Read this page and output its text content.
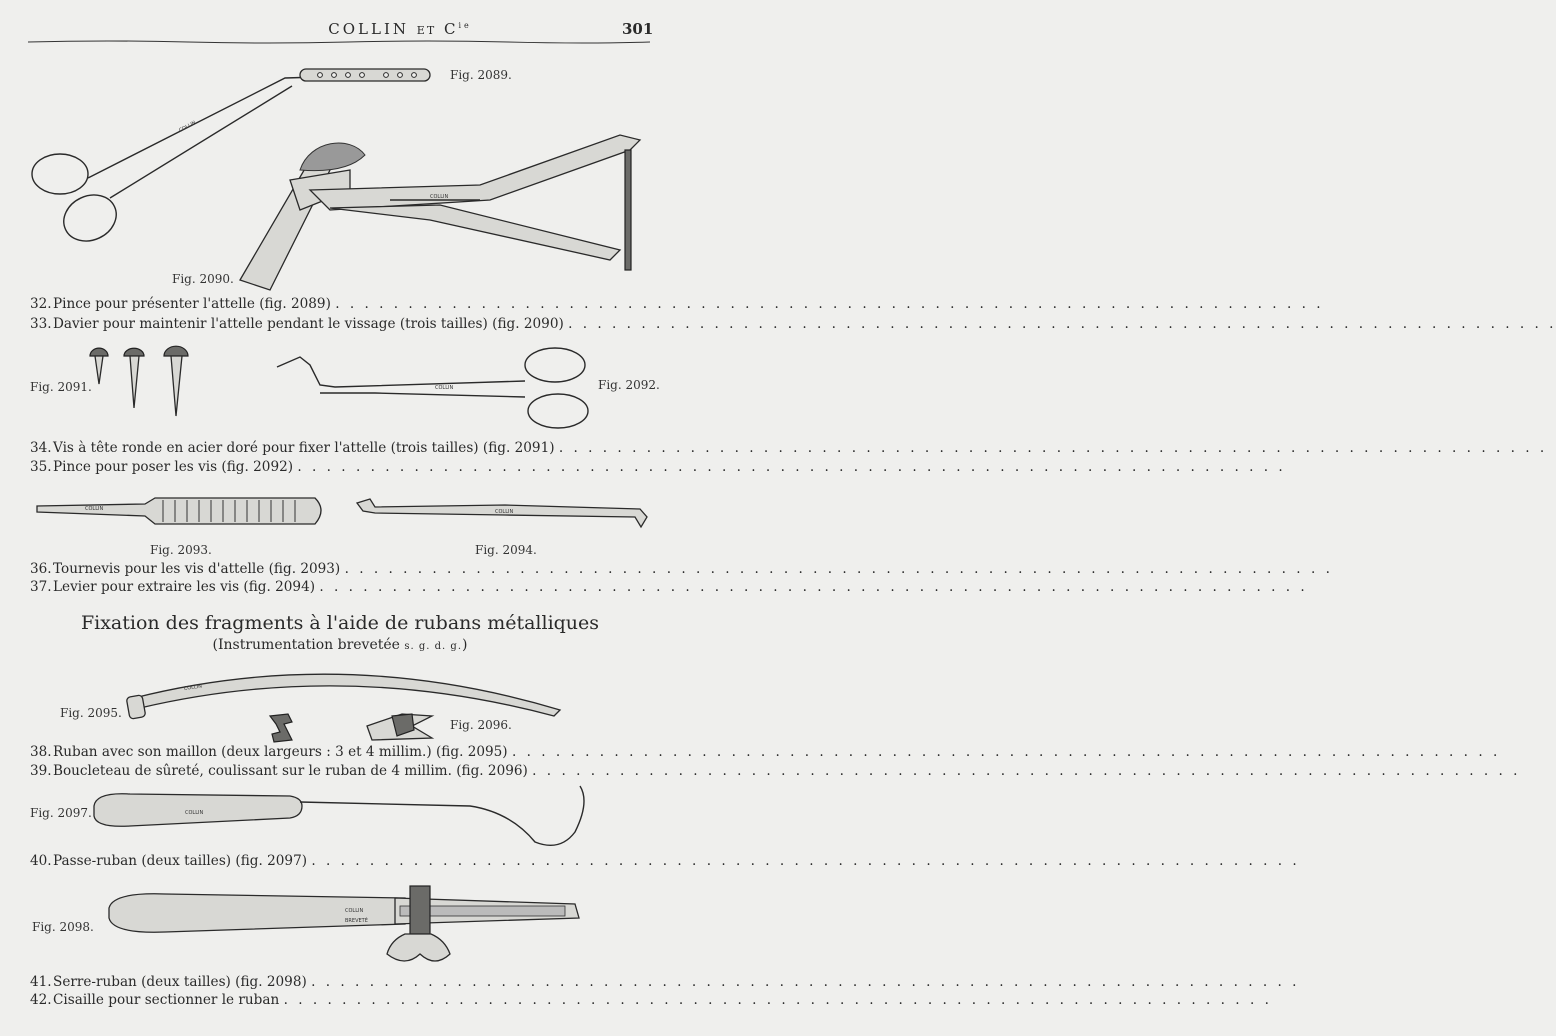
COLLIN ET $C^{ie}$	301
COLLIN
Fig. 2089.
COLLIN
Fig. 2090.
32.Pince pour présenter l'attelle (fig. 2089) . . . . . . . . . . . . . . . . . . . . . . . . . . . . . . . . . . . . . . . . . . . . . . . . . . . . . . . . . . . . . . . . . . . .
33.Davier pour maintenir l'attelle pendant le vissage (trois tailles) (fig. 2090) . . . . . . . . . . . . . . . . . . . . . . . . . . . . . . . . . . . . . . . . . . . . . . . . . . . . . . . . . . . . . . . . . . . .
Fig. 2091.	COLLIN	Fig. 2092.
34.Vis à tête ronde en acier doré pour fixer l'attelle (trois tailles) (fig. 2091) . . . . . . . . . . . . . . . . . . . . . . . . . . . . . . . . . . . . . . . . . . . . . . . . . . . . . . . . . . . . . . . . . . . .
35.Pince pour poser les vis (fig. 2092) . . . . . . . . . . . . . . . . . . . . . . . . . . . . . . . . . . . . . . . . . . . . . . . . . . . . . . . . . . . . . . . . . . . .
COLLIN
Fig. 2093.
COLLIN
Fig. 2094.
36.Tournevis pour les vis d'attelle (fig. 2093) . . . . . . . . . . . . . . . . . . . . . . . . . . . . . . . . . . . . . . . . . . . . . . . . . . . . . . . . . . . . . . . . . . . .
37.Levier pour extraire les vis (fig. 2094) . . . . . . . . . . . . . . . . . . . . . . . . . . . . . . . . . . . . . . . . . . . . . . . . . . . . . . . . . . . . . . . . . . . .
Fixation des fragments à l'aide de rubans métalliques
(Instrumentation brevetée s. g. d. g.)
Fig. 2095.
COLLIN
Fig. 2096.
38.Ruban avec son maillon (deux largeurs : 3 et 4 millim.) (fig. 2095) . . . . . . . . . . . . . . . . . . . . . . . . . . . . . . . . . . . . . . . . . . . . . . . . . . . . . . . . . . . . . . . . . . . .
39.Boucleteau de sûreté, coulissant sur le ruban de 4 millim. (fig. 2096) . . . . . . . . . . . . . . . . . . . . . . . . . . . . . . . . . . . . . . . . . . . . . . . . . . . . . . . . . . . . . . . . . . . .
Fig. 2097.	COLLIN
40.Passe-ruban (deux tailles) (fig. 2097) . . . . . . . . . . . . . . . . . . . . . . . . . . . . . . . . . . . . . . . . . . . . . . . . . . . . . . . . . . . . . . . . . . . .
Fig. 2098.
COLLIN
BREVETÉ
41.Serre-ruban (deux tailles) (fig. 2098) . . . . . . . . . . . . . . . . . . . . . . . . . . . . . . . . . . . . . . . . . . . . . . . . . . . . . . . . . . . . . . . . . . . .
42.Cisaille pour sectionner le ruban . . . . . . . . . . . . . . . . . . . . . . . . . . . . . . . . . . . . . . . . . . . . . . . . . . . . . . . . . . . . . . . . . . . .
